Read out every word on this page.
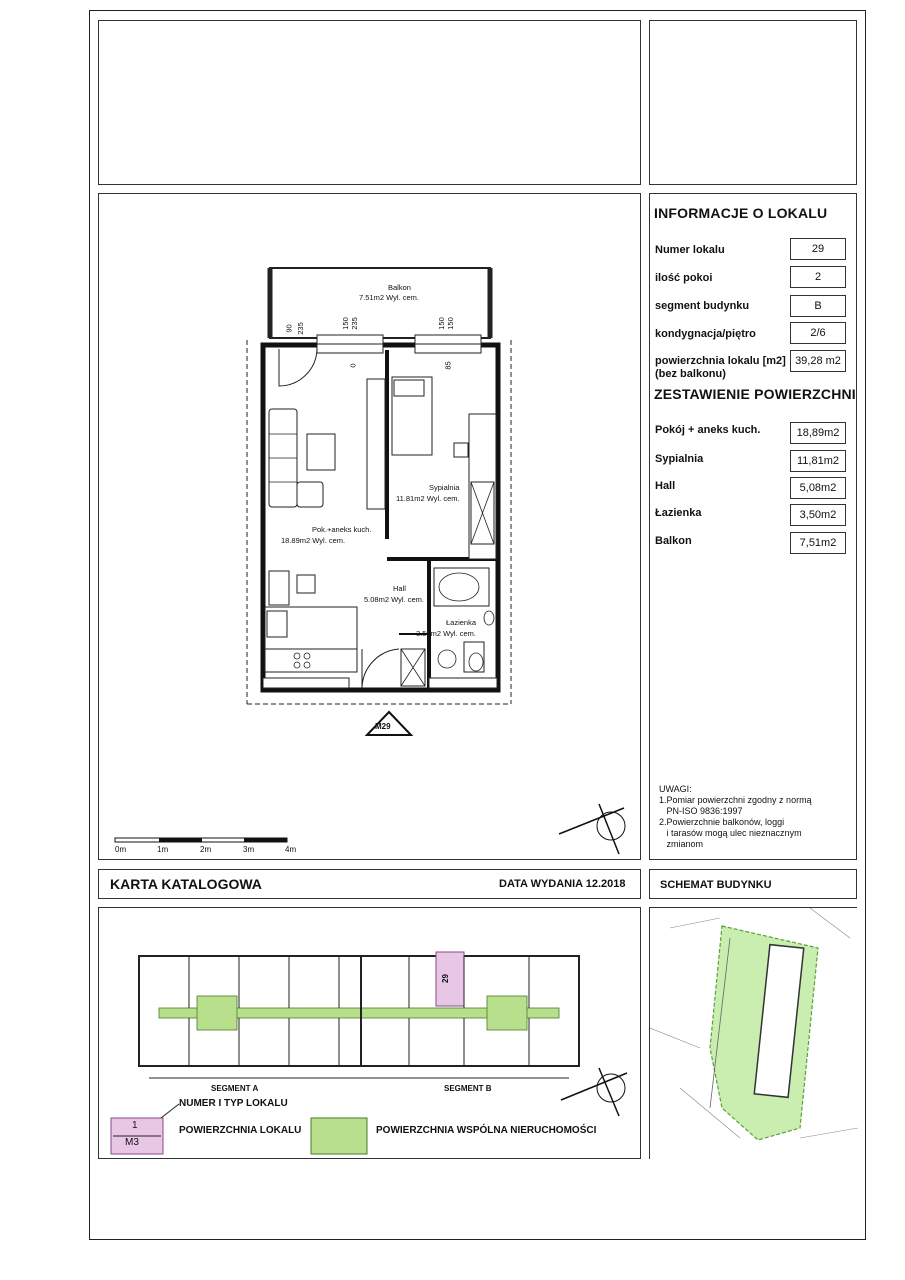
Balkon
7.51m2 Wyl. cem.
Sypialnia
11.81m2 Wyl. cem.
Pok.+aneks kuch.
18.89m2 Wyl. cem.
Hall
5.08m2 Wyl. cem.
Łazienka
3.50m2 Wyl. cem.
90 235	150 235
0
150 150
85
M29
0m	1m	2m	3m	4m
INFORMACJE O LOKALU
Numer lokalu	29
ilość pokoi	2
segment budynku	B
kondygnacja/piętro	2/6
powierzchnia lokalu [m2]
(bez balkonu)
39,28 m2
ZESTAWIENIE POWIERZCHNI
Pokój + aneks kuch.	18,89m2
Sypialnia	11,81m2
Hall	5,08m2
Łazienka	3,50m2
Balkon	7,51m2
UWAGI:
1.Pomiar powierzchni zgodny z normą
PN-ISO 9836:1997
2.Powierzchnie balkonów, loggi
i tarasów mogą ulec nieznacznym
zmianom
KARTA KATALOGOWA	DATA WYDANIA 12.2018	SCHEMAT BUDYNKU
SEGMENT A	SEGMENT B
29
1
M3
NUMER I TYP LOKALU
POWIERZCHNIA LOKALU	POWIERZCHNIA WSPÓLNA NIERUCHOMOŚCI
